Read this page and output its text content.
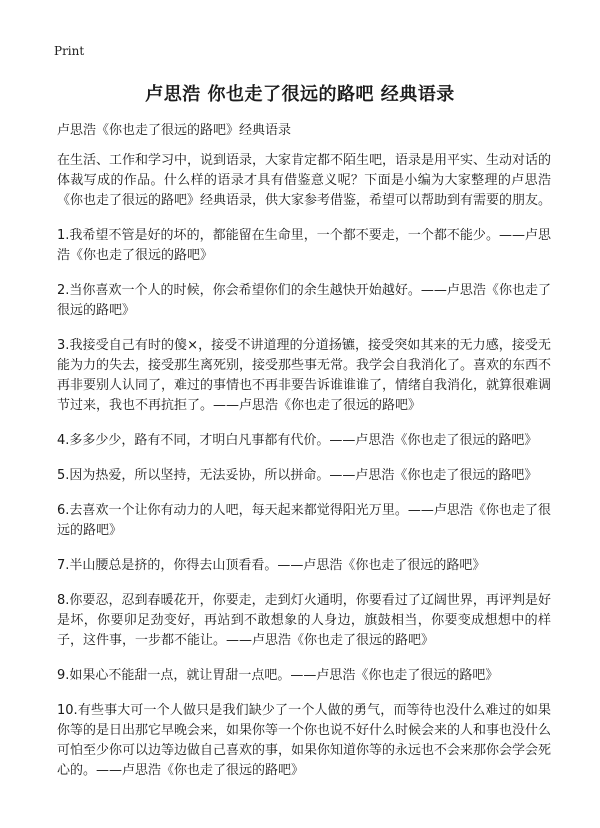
Print
卢思浩 你也走了很远的路吧 经典语录

卢思浩《你也走了很远的路吧》经典语录

在生活、工作和学习中，说到语录，大家肯定都不陌生吧，语录是用平实、生动对话的体裁写成的作品。什么样的语录才具有借鉴意义呢？下面是小编为大家整理的卢思浩《你也走了很远的路吧》经典语录，供大家参考借鉴，希望可以帮助到有需要的朋友。

1.我希望不管是好的坏的，都能留在生命里，一个都不要走，一个都不能少。——卢思浩《你也走了很远的路吧》

2.当你喜欢一个人的时候，你会希望你们的余生越快开始越好。——卢思浩《你也走了很远的路吧》

3.我接受自己有时的傻×，接受不讲道理的分道扬镳，接受突如其来的无力感，接受无能为力的失去，接受那生离死别，接受那些事无常。我学会自我消化了。喜欢的东西不再非要别人认同了，难过的事情也不再非要告诉谁谁谁了，情绪自我消化，就算很难调节过来，我也不再抗拒了。——卢思浩《你也走了很远的路吧》

4.多多少少，路有不同，才明白凡事都有代价。——卢思浩《你也走了很远的路吧》

5.因为热爱，所以坚持，无法妥协，所以拼命。——卢思浩《你也走了很远的路吧》

6.去喜欢一个让你有动力的人吧，每天起来都觉得阳光万里。——卢思浩《你也走了很远的路吧》

7.半山腰总是挤的，你得去山顶看看。——卢思浩《你也走了很远的路吧》

8.你要忍，忍到春暖花开，你要走，走到灯火通明，你要看过了辽阔世界，再评判是好是坏，你要卯足劲变好，再站到不敢想象的人身边，旗鼓相当，你要变成想想中的样子，这件事，一步都不能让。——卢思浩《你也走了很远的路吧》

9.如果心不能甜一点，就让胃甜一点吧。——卢思浩《你也走了很远的路吧》

10.有些事大可一个人做只是我们缺少了一个人做的勇气，而等待也没什么难过的如果你等的是日出那它早晚会来，如果你等一个你也说不好什么时候会来的人和事也没什么可怕至少你可以边等边做自己喜欢的事，如果你知道你等的永远也不会来那你会学会死心的。——卢思浩《你也走了很远的路吧》
